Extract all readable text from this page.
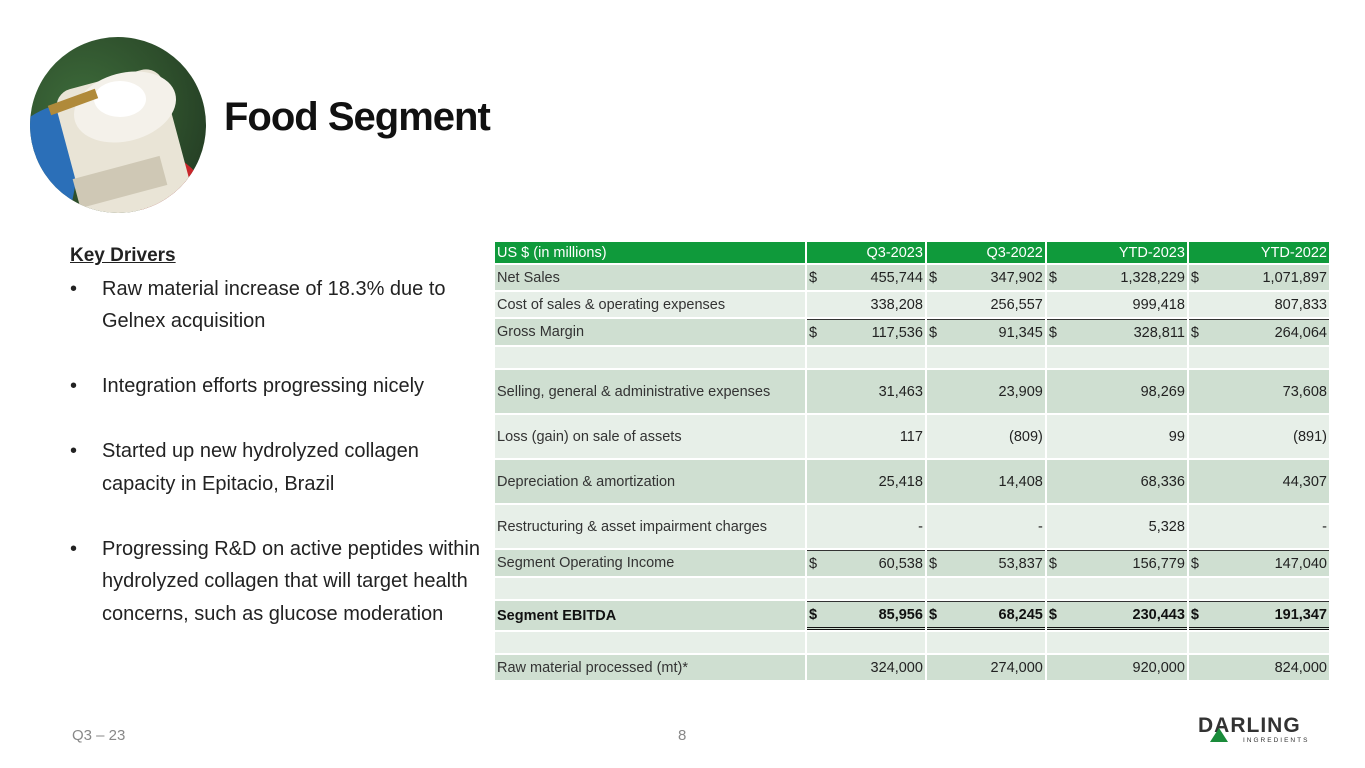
Food Segment
Key Drivers
• Raw material increase of 18.3% due to Gelnex acquisition
• Integration efforts progressing nicely
• Started up new hydrolyzed collagen capacity in Epitacio, Brazil
• Progressing R&D on active peptides within hydrolyzed collagen that will target health concerns, such as glucose moderation
US $ (in millions)	Q3-2023	Q3-2022	YTD-2023	YTD-2022
Net Sales	$ 455,744	$ 347,902	$ 1,328,229	$ 1,071,897
Cost of sales & operating expenses	338,208	256,557	999,418	807,833
Gross Margin	$ 117,536	$ 91,345	$ 328,811	$ 264,064

Selling, general & administrative expenses	31,463	23,909	98,269	73,608
Loss (gain) on sale of assets	117	(809)	99	(891)
Depreciation & amortization	25,418	14,408	68,336	44,307
Restructuring & asset impairment charges	-	-	5,328	-
Segment Operating Income	$ 60,538	$ 53,837	$ 156,779	$ 147,040

Segment EBITDA	$ 85,956	$ 68,245	$ 230,443	$ 191,347

Raw material processed (mt)*	324,000	274,000	920,000	824,000
Q3 – 23	8	DARLING
INGREDIENTS
